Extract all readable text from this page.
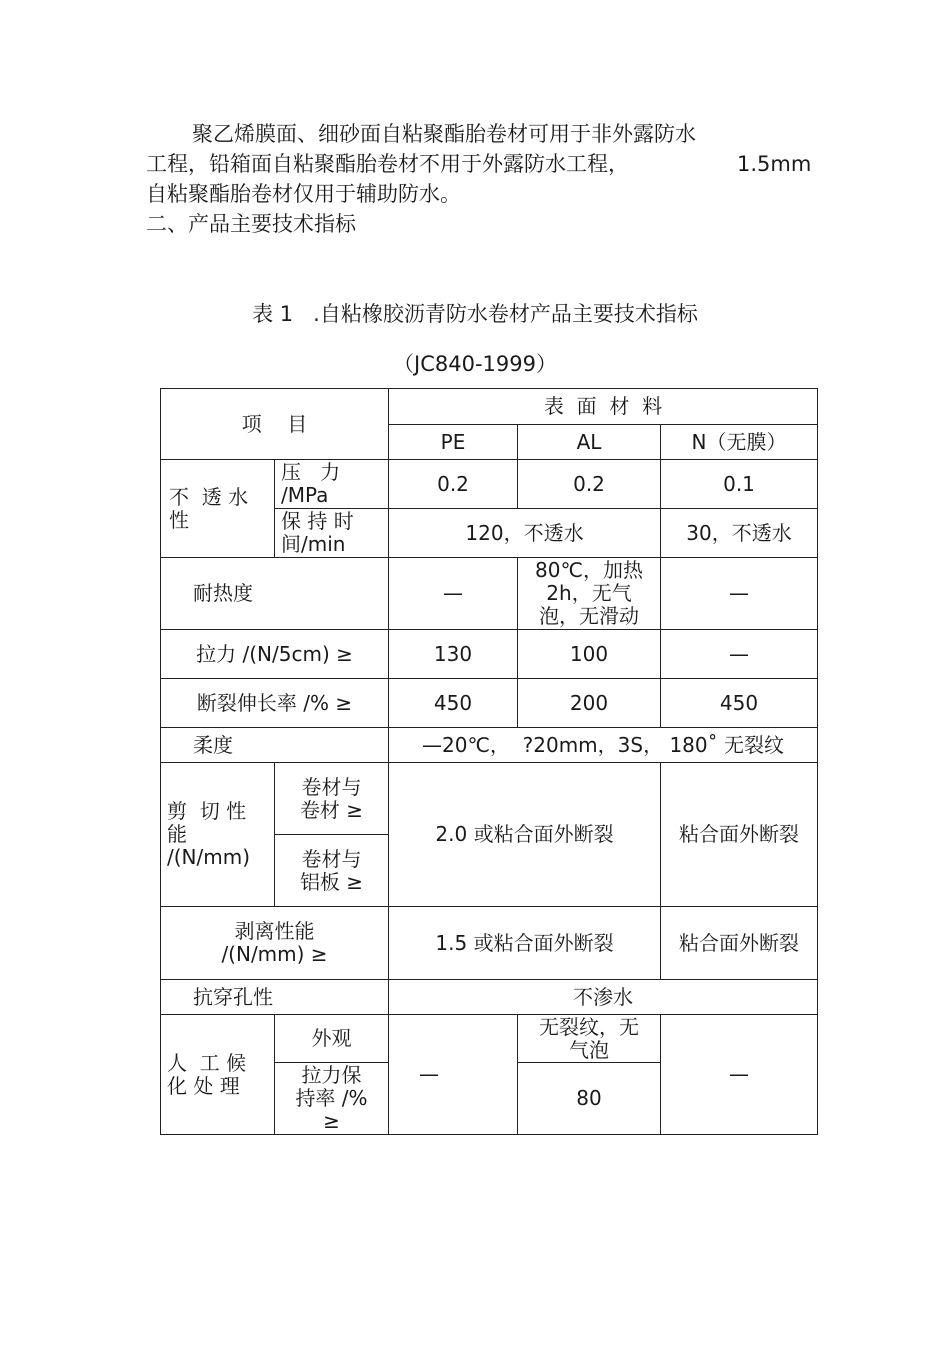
聚乙烯膜面、细砂面自粘聚酯胎卷材可用于非外露防水
工程，铅箱面自粘聚酯胎卷材不用于外露防水工程，	1.5mm
自粘聚酯胎卷材仅用于辅助防水。
二、产品主要技术指标
表 1   .自粘橡胶沥青防水卷材产品主要技术指标
（JC840-1999）
项    目		表  面  材  料		
		PE	AL	N（无膜）
不  透 水性	压   力 /MPa	0.2	0.2	0.1
	保 持 时 间/min	120，不透水		30，不透水
耐热度		—	80℃，加热 2h，无气 泡，无滑动	—
拉力 /(N/5cm) ≥		130	100	—
断裂伸长率 /% ≥		450	200	450
柔度		—20℃，  ?20mm，3S， 180˚ 无裂纹		
剪  切 性  能 /(N/mm)	卷材与 卷材 ≥	2.0 或粘合面外断裂		粘合面外断裂
	卷材与 铝板 ≥			
剥离性能 /(N/mm) ≥		1.5 或粘合面外断裂		粘合面外断裂
抗穿孔性		不渗水		
人  工 候 化 处 理	外观	—	无裂纹，无 气泡	—
	拉力保 持率 /% ≥		80	
